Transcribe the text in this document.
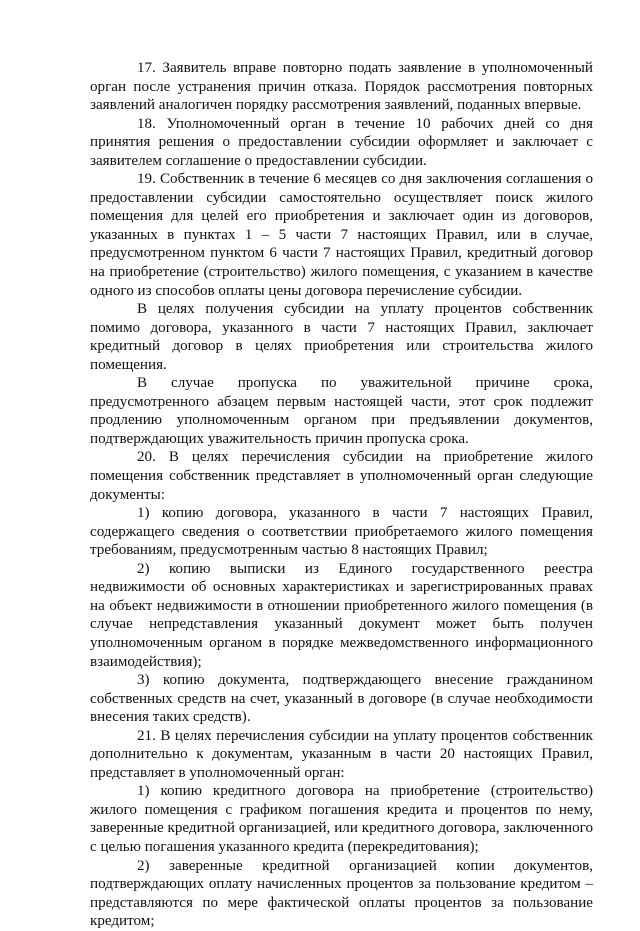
17. Заявитель вправе повторно подать заявление в уполномоченный орган после устранения причин отказа. Порядок рассмотрения повторных заявлений аналогичен порядку рассмотрения заявлений, поданных впервые.

18. Уполномоченный орган в течение 10 рабочих дней со дня принятия решения о предоставлении субсидии оформляет и заключает с заявителем соглашение о предоставлении субсидии.

19. Собственник в течение 6 месяцев со дня заключения соглашения о предоставлении субсидии самостоятельно осуществляет поиск жилого помещения для целей его приобретения и заключает один из договоров, указанных в пунктах 1 – 5 части 7 настоящих Правил, или в случае, предусмотренном пунктом 6 части 7 настоящих Правил, кредитный договор на приобретение (строительство) жилого помещения, с указанием в качестве одного из способов оплаты цены договора перечисление субсидии.

В целях получения субсидии на уплату процентов собственник помимо договора, указанного в части 7 настоящих Правил, заключает кредитный договор в целях приобретения или строительства жилого помещения.

В случае пропуска по уважительной причине срока, предусмотренного абзацем первым настоящей части, этот срок подлежит продлению уполномоченным органом при предъявлении документов, подтверждающих уважительность причин пропуска срока.

20. В целях перечисления субсидии на приобретение жилого помещения собственник представляет в уполномоченный орган следующие документы:

1) копию договора, указанного в части 7 настоящих Правил, содержащего сведения о соответствии приобретаемого жилого помещения требованиям, предусмотренным частью 8 настоящих Правил;

2) копию выписки из Единого государственного реестра недвижимости об основных характеристиках и зарегистрированных правах на объект недвижимости в отношении приобретенного жилого помещения (в случае непредставления указанный документ может быть получен уполномоченным органом в порядке межведомственного информационного взаимодействия);

3) копию документа, подтверждающего внесение гражданином собственных средств на счет, указанный в договоре (в случае необходимости внесения таких средств).

21. В целях перечисления субсидии на уплату процентов собственник дополнительно к документам, указанным в части 20 настоящих Правил, представляет в уполномоченный орган:

1) копию кредитного договора на приобретение (строительство) жилого помещения с графиком погашения кредита и процентов по нему, заверенные кредитной организацией, или кредитного договора, заключенного с целью погашения указанного кредита (перекредитования);

2) заверенные кредитной организацией копии документов, подтверждающих оплату начисленных процентов за пользование кредитом – представляются по мере фактической оплаты процентов за пользование кредитом;
